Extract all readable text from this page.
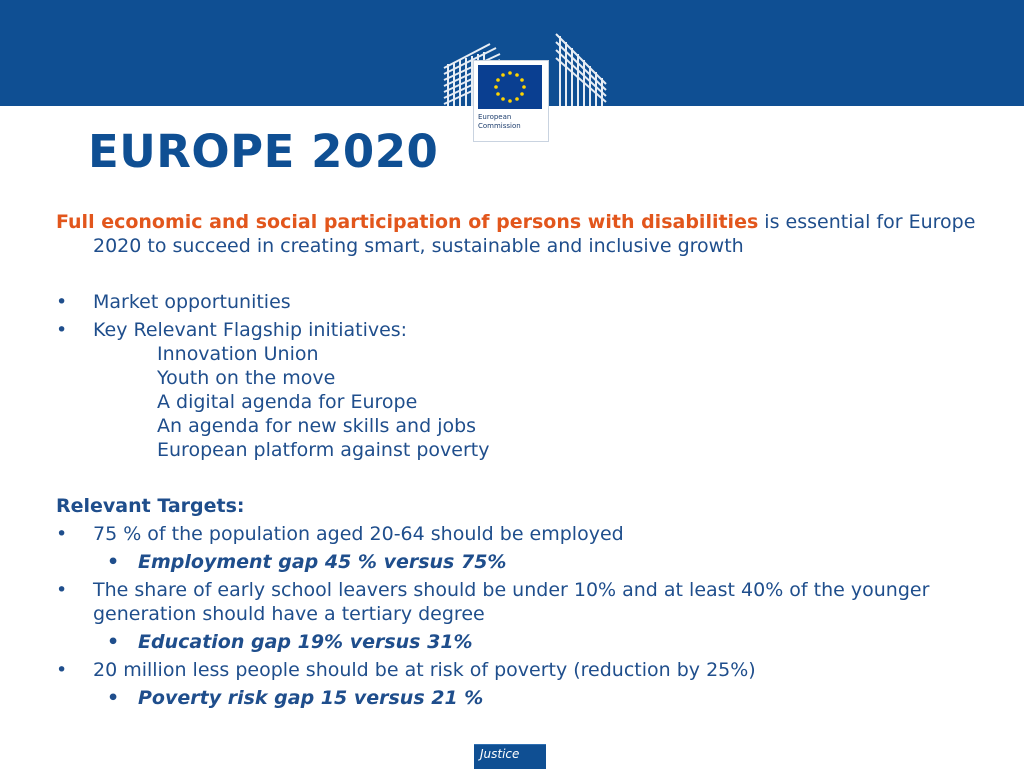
European
Commission
EUROPE 2020

Full economic and social participation of persons with disabilities is essential for Europe 2020 to succeed in creating smart, sustainable and inclusive growth

• Market opportunities

• Key Relevant Flagship initiatives:

Innovation Union

Youth on the move

A digital agenda for Europe

An agenda for new skills and jobs

European platform against poverty

Relevant Targets:

• 75 % of the population aged 20-64 should be employed

• Employment gap 45 % versus 75%

• The share of early school leavers should be under 10% and at least 40% of the younger generation should have a tertiary degree

• Education gap 19% versus 31%

• 20 million less people should be at risk of poverty (reduction by 25%)

• Poverty risk gap 15 versus 21 %

Justice
